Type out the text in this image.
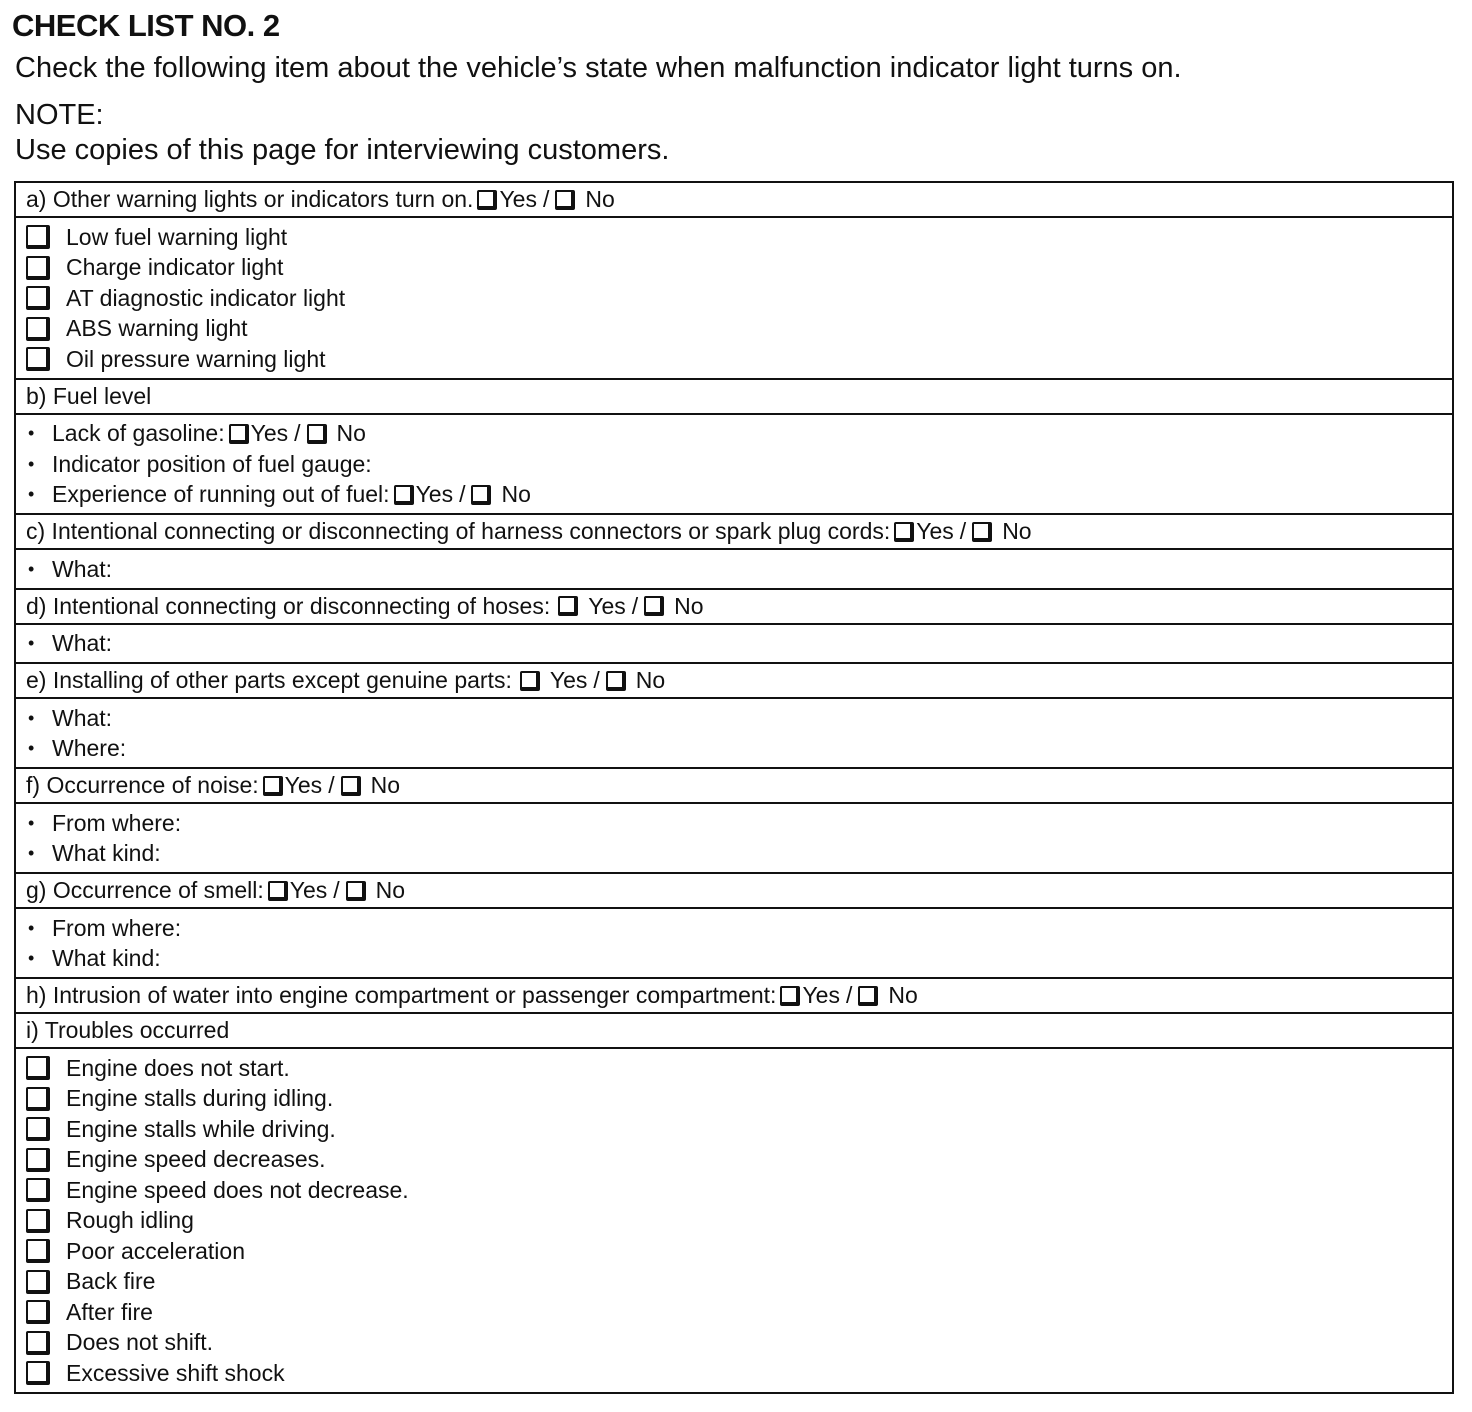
CHECK LIST NO. 2
Check the following item about the vehicle’s state when malfunction indicator light turns on.
NOTE:
Use copies of this page for interviewing customers.
a) Other warning lights or indicators turn on. Yes / No
Low fuel warning light
Charge indicator light
AT diagnostic indicator light
ABS warning light
Oil pressure warning light
b) Fuel level
• Lack of gasoline: Yes / No
• Indicator position of fuel gauge:
• Experience of running out of fuel: Yes / No
c) Intentional connecting or disconnecting of harness connectors or spark plug cords: Yes / No
• What:
d) Intentional connecting or disconnecting of hoses: Yes / No
• What:
e) Installing of other parts except genuine parts: Yes / No
• What:
• Where:
f) Occurrence of noise: Yes / No
• From where:
• What kind:
g) Occurrence of smell: Yes / No
• From where:
• What kind:
h) Intrusion of water into engine compartment or passenger compartment: Yes / No
i) Troubles occurred
Engine does not start.
Engine stalls during idling.
Engine stalls while driving.
Engine speed decreases.
Engine speed does not decrease.
Rough idling
Poor acceleration
Back fire
After fire
Does not shift.
Excessive shift shock
